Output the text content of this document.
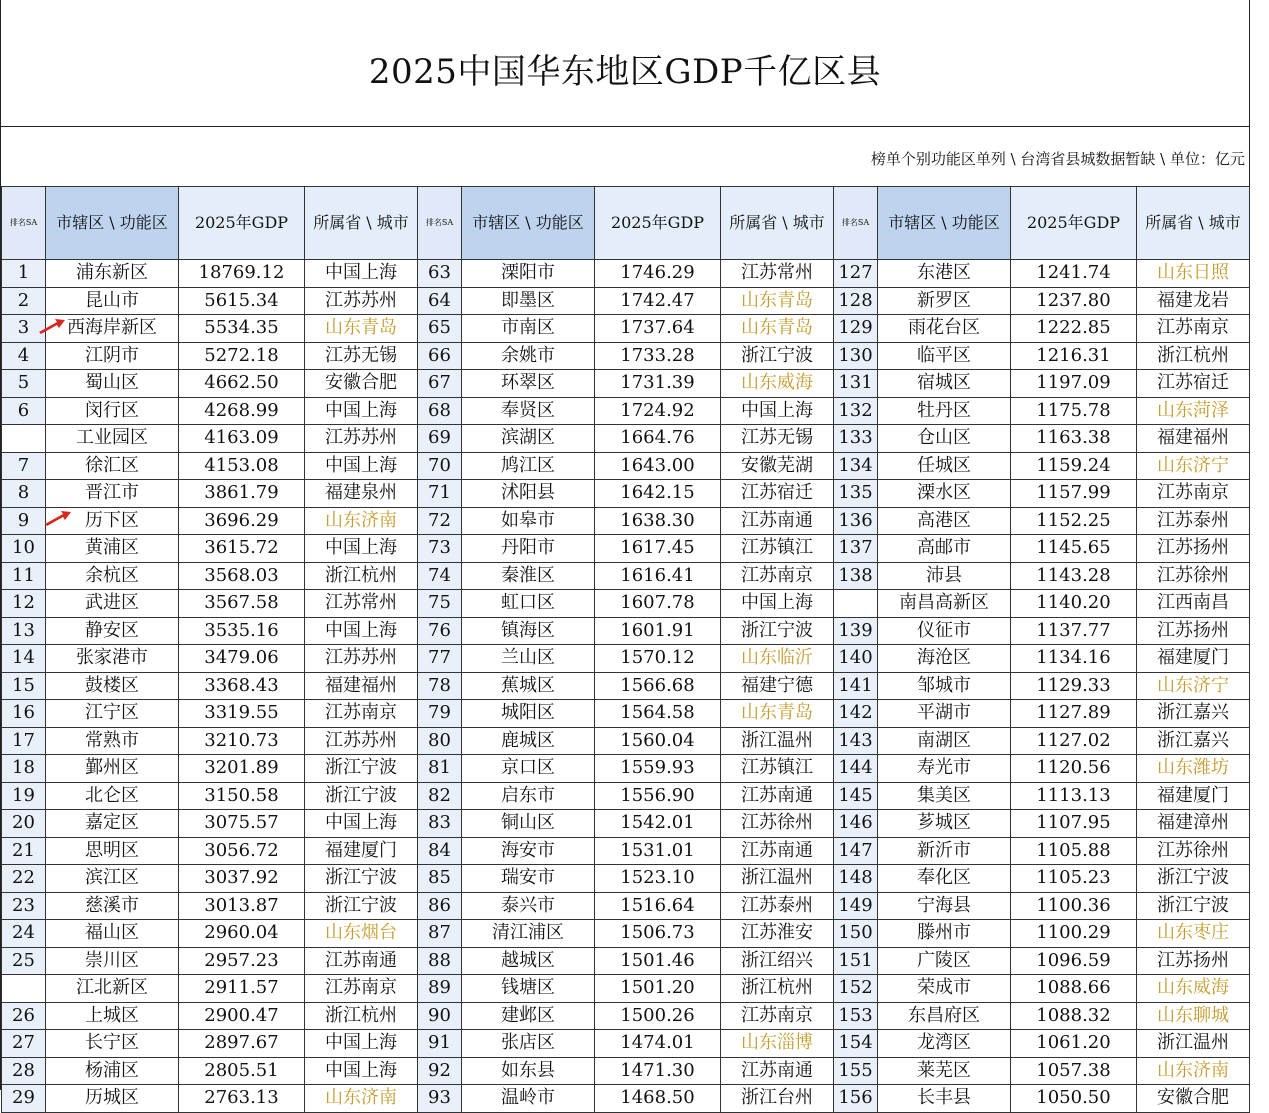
2025中国华东地区GDP千亿区县
榜单个别功能区单列 \ 台湾省县城数据暂缺 \ 单位：亿元
排名SA	市辖区 \ 功能区	2025年GDP	所属省 \ 城市	排名SA	市辖区 \ 功能区	2025年GDP	所属省 \ 城市	排名SA	市辖区 \ 功能区	2025年GDP	所属省 \ 城市
1	浦东新区	18769.12	中国上海	63	溧阳市	1746.29	江苏常州	127	东港区	1241.74	山东日照
2	昆山市	5615.34	江苏苏州	64	即墨区	1742.47	山东青岛	128	新罗区	1237.80	福建龙岩
3	西海岸新区	5534.35	山东青岛	65	市南区	1737.64	山东青岛	129	雨花台区	1222.85	江苏南京
4	江阴市	5272.18	江苏无锡	66	余姚市	1733.28	浙江宁波	130	临平区	1216.31	浙江杭州
5	蜀山区	4662.50	安徽合肥	67	环翠区	1731.39	山东威海	131	宿城区	1197.09	江苏宿迁
6	闵行区	4268.99	中国上海	68	奉贤区	1724.92	中国上海	132	牡丹区	1175.78	山东菏泽
	工业园区	4163.09	江苏苏州	69	滨湖区	1664.76	江苏无锡	133	仓山区	1163.38	福建福州
7	徐汇区	4153.08	中国上海	70	鸠江区	1643.00	安徽芜湖	134	任城区	1159.24	山东济宁
8	晋江市	3861.79	福建泉州	71	沭阳县	1642.15	江苏宿迁	135	溧水区	1157.99	江苏南京
9	历下区	3696.29	山东济南	72	如皋市	1638.30	江苏南通	136	高港区	1152.25	江苏泰州
10	黄浦区	3615.72	中国上海	73	丹阳市	1617.45	江苏镇江	137	高邮市	1145.65	江苏扬州
11	余杭区	3568.03	浙江杭州	74	秦淮区	1616.41	江苏南京	138	沛县	1143.28	江苏徐州
12	武进区	3567.58	江苏常州	75	虹口区	1607.78	中国上海		南昌高新区	1140.20	江西南昌
13	静安区	3535.16	中国上海	76	镇海区	1601.91	浙江宁波	139	仪征市	1137.77	江苏扬州
14	张家港市	3479.06	江苏苏州	77	兰山区	1570.12	山东临沂	140	海沧区	1134.16	福建厦门
15	鼓楼区	3368.43	福建福州	78	蕉城区	1566.68	福建宁德	141	邹城市	1129.33	山东济宁
16	江宁区	3319.55	江苏南京	79	城阳区	1564.58	山东青岛	142	平湖市	1127.89	浙江嘉兴
17	常熟市	3210.73	江苏苏州	80	鹿城区	1560.04	浙江温州	143	南湖区	1127.02	浙江嘉兴
18	鄞州区	3201.89	浙江宁波	81	京口区	1559.93	江苏镇江	144	寿光市	1120.56	山东潍坊
19	北仑区	3150.58	浙江宁波	82	启东市	1556.90	江苏南通	145	集美区	1113.13	福建厦门
20	嘉定区	3075.57	中国上海	83	铜山区	1542.01	江苏徐州	146	芗城区	1107.95	福建漳州
21	思明区	3056.72	福建厦门	84	海安市	1531.01	江苏南通	147	新沂市	1105.88	江苏徐州
22	滨江区	3037.92	浙江宁波	85	瑞安市	1523.10	浙江温州	148	奉化区	1105.23	浙江宁波
23	慈溪市	3013.87	浙江宁波	86	泰兴市	1516.64	江苏泰州	149	宁海县	1100.36	浙江宁波
24	福山区	2960.04	山东烟台	87	清江浦区	1506.73	江苏淮安	150	滕州市	1100.29	山东枣庄
25	崇川区	2957.23	江苏南通	88	越城区	1501.46	浙江绍兴	151	广陵区	1096.59	江苏扬州
	江北新区	2911.57	江苏南京	89	钱塘区	1501.20	浙江杭州	152	荣成市	1088.66	山东威海
26	上城区	2900.47	浙江杭州	90	建邺区	1500.26	江苏南京	153	东昌府区	1088.32	山东聊城
27	长宁区	2897.67	中国上海	91	张店区	1474.01	山东淄博	154	龙湾区	1061.20	浙江温州
28	杨浦区	2805.51	中国上海	92	如东县	1471.30	江苏南通	155	莱芜区	1057.38	山东济南
29	历城区	2763.13	山东济南	93	温岭市	1468.50	浙江台州	156	长丰县	1050.50	安徽合肥
